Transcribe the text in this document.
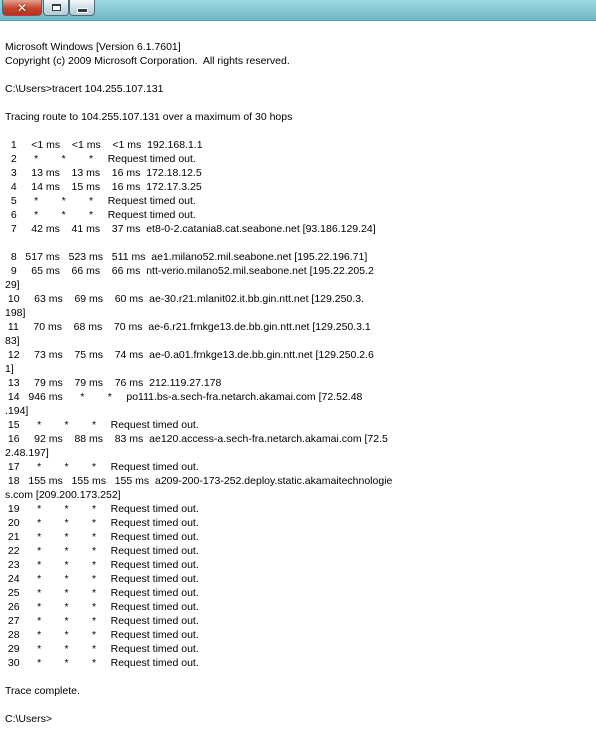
✕
Microsoft Windows [Version 6.1.7601]
Copyright (c) 2009 Microsoft Corporation.  All rights reserved.
C:\Users>tracert 104.255.107.131
Tracing route to 104.255.107.131 over a maximum of 30 hops
1     <1 ms    <1 ms    <1 ms  192.168.1.1
2      *        *        *     Request timed out.
3     13 ms    13 ms    16 ms  172.18.12.5
4     14 ms    15 ms    16 ms  172.17.3.25
5      *        *        *     Request timed out.
6      *        *        *     Request timed out.
7     42 ms    41 ms    37 ms  et8-0-2.catania8.cat.seabone.net [93.186.129.24]
8   517 ms   523 ms   511 ms  ae1.milano52.mil.seabone.net [195.22.196.71]
9     65 ms    66 ms    66 ms  ntt-verio.milano52.mil.seabone.net [195.22.205.2
29]
10     63 ms    69 ms    60 ms  ae-30.r21.mlanit02.it.bb.gin.ntt.net [129.250.3.
198]
11     70 ms    68 ms    70 ms  ae-6.r21.frnkge13.de.bb.gin.ntt.net [129.250.3.1
83]
12     73 ms    75 ms    74 ms  ae-0.a01.frnkge13.de.bb.gin.ntt.net [129.250.2.6
1]
13     79 ms    79 ms    76 ms  212.119.27.178
14   946 ms      *        *     po111.bs-a.sech-fra.netarch.akamai.com [72.52.48
.194]
15      *        *        *     Request timed out.
16     92 ms    88 ms    83 ms  ae120.access-a.sech-fra.netarch.akamai.com [72.5
2.48.197]
17      *        *        *     Request timed out.
18   155 ms   155 ms   155 ms  a209-200-173-252.deploy.static.akamaitechnologie
s.com [209.200.173.252]
19      *        *        *     Request timed out.
20      *        *        *     Request timed out.
21      *        *        *     Request timed out.
22      *        *        *     Request timed out.
23      *        *        *     Request timed out.
24      *        *        *     Request timed out.
25      *        *        *     Request timed out.
26      *        *        *     Request timed out.
27      *        *        *     Request timed out.
28      *        *        *     Request timed out.
29      *        *        *     Request timed out.
30      *        *        *     Request timed out.
Trace complete.
C:\Users>
